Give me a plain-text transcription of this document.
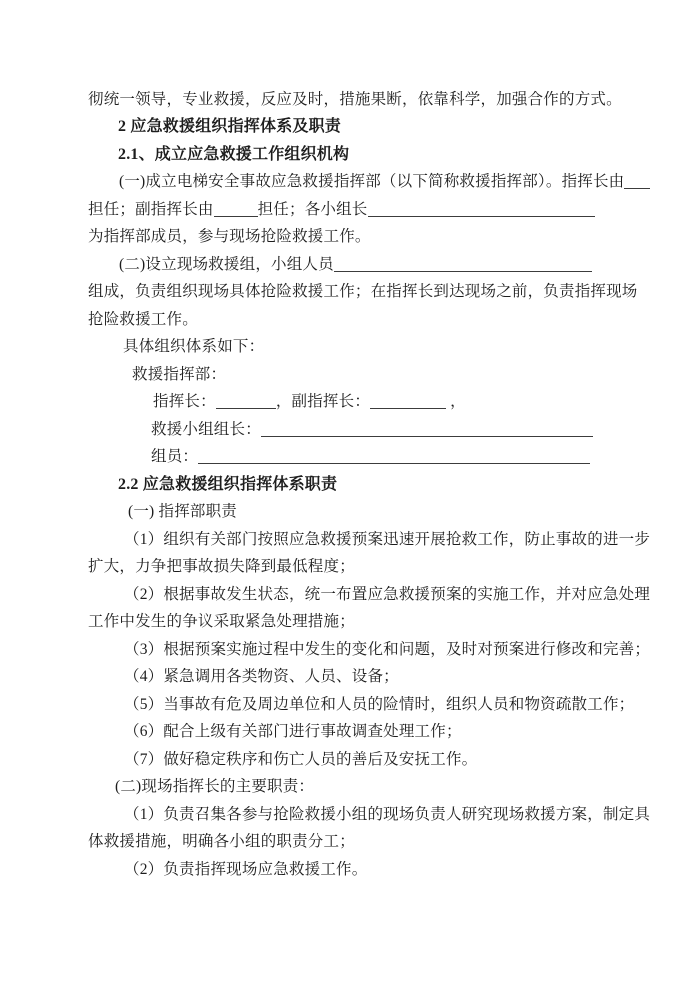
彻统一领导，专业救援，反应及时，措施果断，依靠科学，加强合作的方式。
2 应急救援组织指挥体系及职责
2.1、成立应急救援工作组织机构
(一)成立电梯安全事故应急救援指挥部（以下简称救援指挥部）。指挥长由
担任；副指挥长由	担任；各小组长
为指挥部成员，参与现场抢险救援工作。
(二)设立现场救援组，小组人员
组成，负责组织现场具体抢险救援工作；在指挥长到达现场之前，负责指挥现场
抢险救援工作。
具体组织体系如下：
救援指挥部：
指挥长：	，副指挥长：	，
救援小组组长：
组员：
2.2 应急救援组织指挥体系职责
(一) 指挥部职责
（1）组织有关部门按照应急救援预案迅速开展抢救工作，防止事故的进一步
扩大，力争把事故损失降到最低程度；
（2）根据事故发生状态，统一布置应急救援预案的实施工作，并对应急处理
工作中发生的争议采取紧急处理措施；
（3）根据预案实施过程中发生的变化和问题，及时对预案进行修改和完善；
（4）紧急调用各类物资、人员、设备；
（5）当事故有危及周边单位和人员的险情时，组织人员和物资疏散工作；
（6）配合上级有关部门进行事故调查处理工作；
（7）做好稳定秩序和伤亡人员的善后及安抚工作。
(二)现场指挥长的主要职责：
（1）负责召集各参与抢险救援小组的现场负责人研究现场救援方案，制定具
体救援措施，明确各小组的职责分工；
（2）负责指挥现场应急救援工作。
